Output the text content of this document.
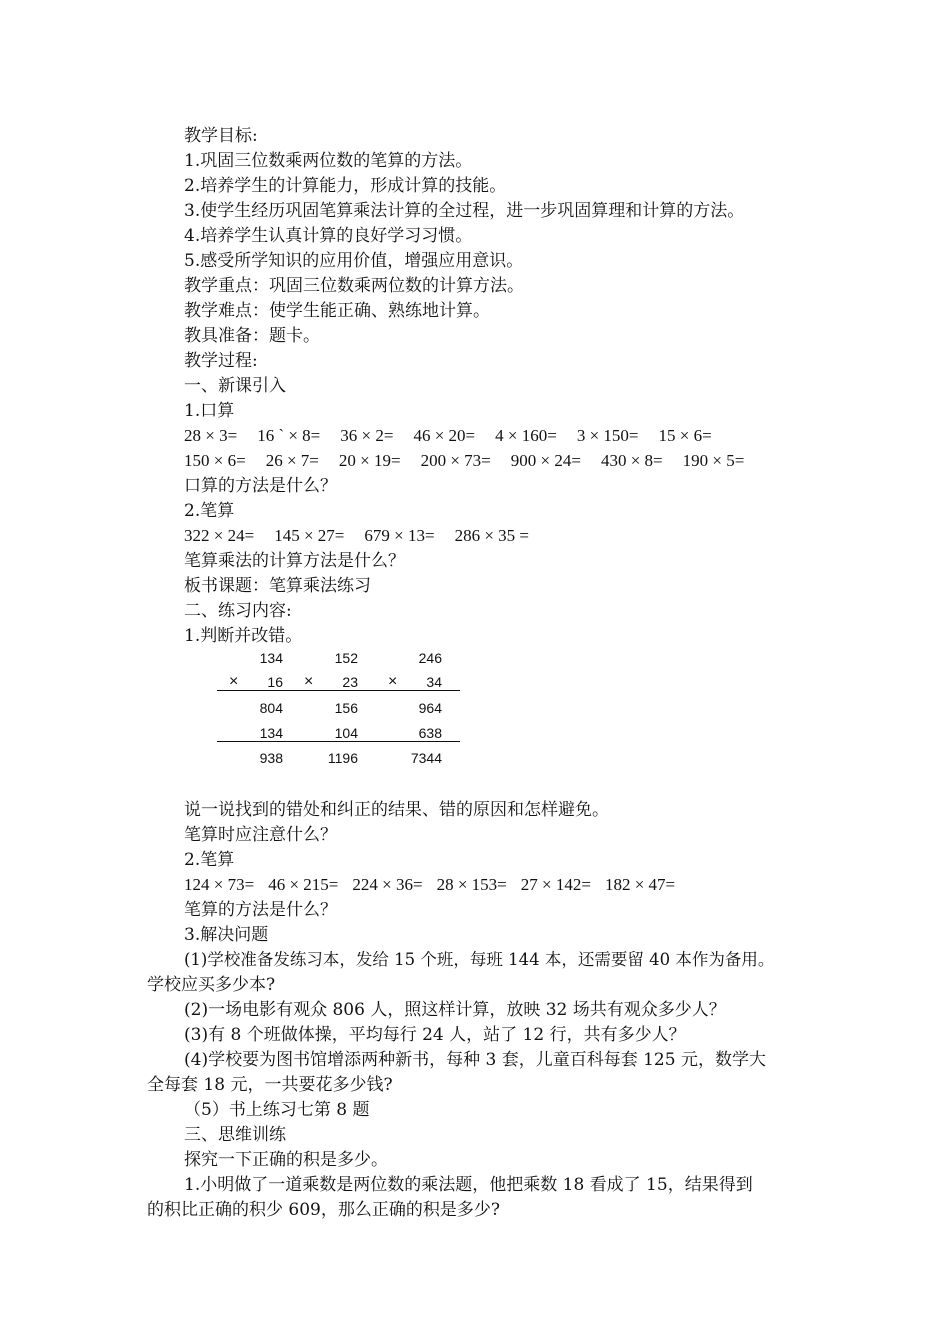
教学目标:
1.巩固三位数乘两位数的笔算的方法。
2.培养学生的计算能力，形成计算的技能。
3.使学生经历巩固笔算乘法计算的全过程，进一步巩固算理和计算的方法。
4.培养学生认真计算的良好学习习惯。
5.感受所学知识的应用价值，增强应用意识。
教学重点：巩固三位数乘两位数的计算方法。
教学难点：使学生能正确、熟练地计算。
教具准备：题卡。
教学过程:
一、新课引入
1.口算
28 × 3= 16 ` × 8= 36 × 2= 46 × 20= 4 × 160= 3 × 150= 15 × 6=
150 × 6= 26 × 7= 20 × 19= 200 × 73= 900 × 24= 430 × 8= 190 × 5=
口算的方法是什么？
2.笔算
322 × 24= 145 × 27= 679 × 13= 286 × 35 =
笔算乘法的计算方法是什么？
板书课题：笔算乘法练习
二、练习内容:
1.判断并改错。
134
× 16
804
134
938
152
× 23
156
104
1196
246
× 34
964
638
7344
说一说找到的错处和纠正的结果、错的原因和怎样避免。
笔算时应注意什么？
2.笔算
124 × 73= 46 × 215= 224 × 36= 28 × 153= 27 × 142= 182 × 47=
笔算的方法是什么？
3.解决问题
(1)学校准备发练习本，发给 15 个班，每班 144 本，还需要留 40 本作为备用。
学校应买多少本?
(2)一场电影有观众 806 人，照这样计算，放映 32 场共有观众多少人？
(3)有 8 个班做体操，平均每行 24 人，站了 12 行，共有多少人？
(4)学校要为图书馆增添两种新书，每种 3 套，儿童百科每套 125 元，数学大
全每套 18 元，一共要花多少钱?
（5）书上练习七第 8 题
三、思维训练
探究一下正确的积是多少。
1.小明做了一道乘数是两位数的乘法题，他把乘数 18 看成了 15，结果得到
的积比正确的积少 609，那么正确的积是多少?
